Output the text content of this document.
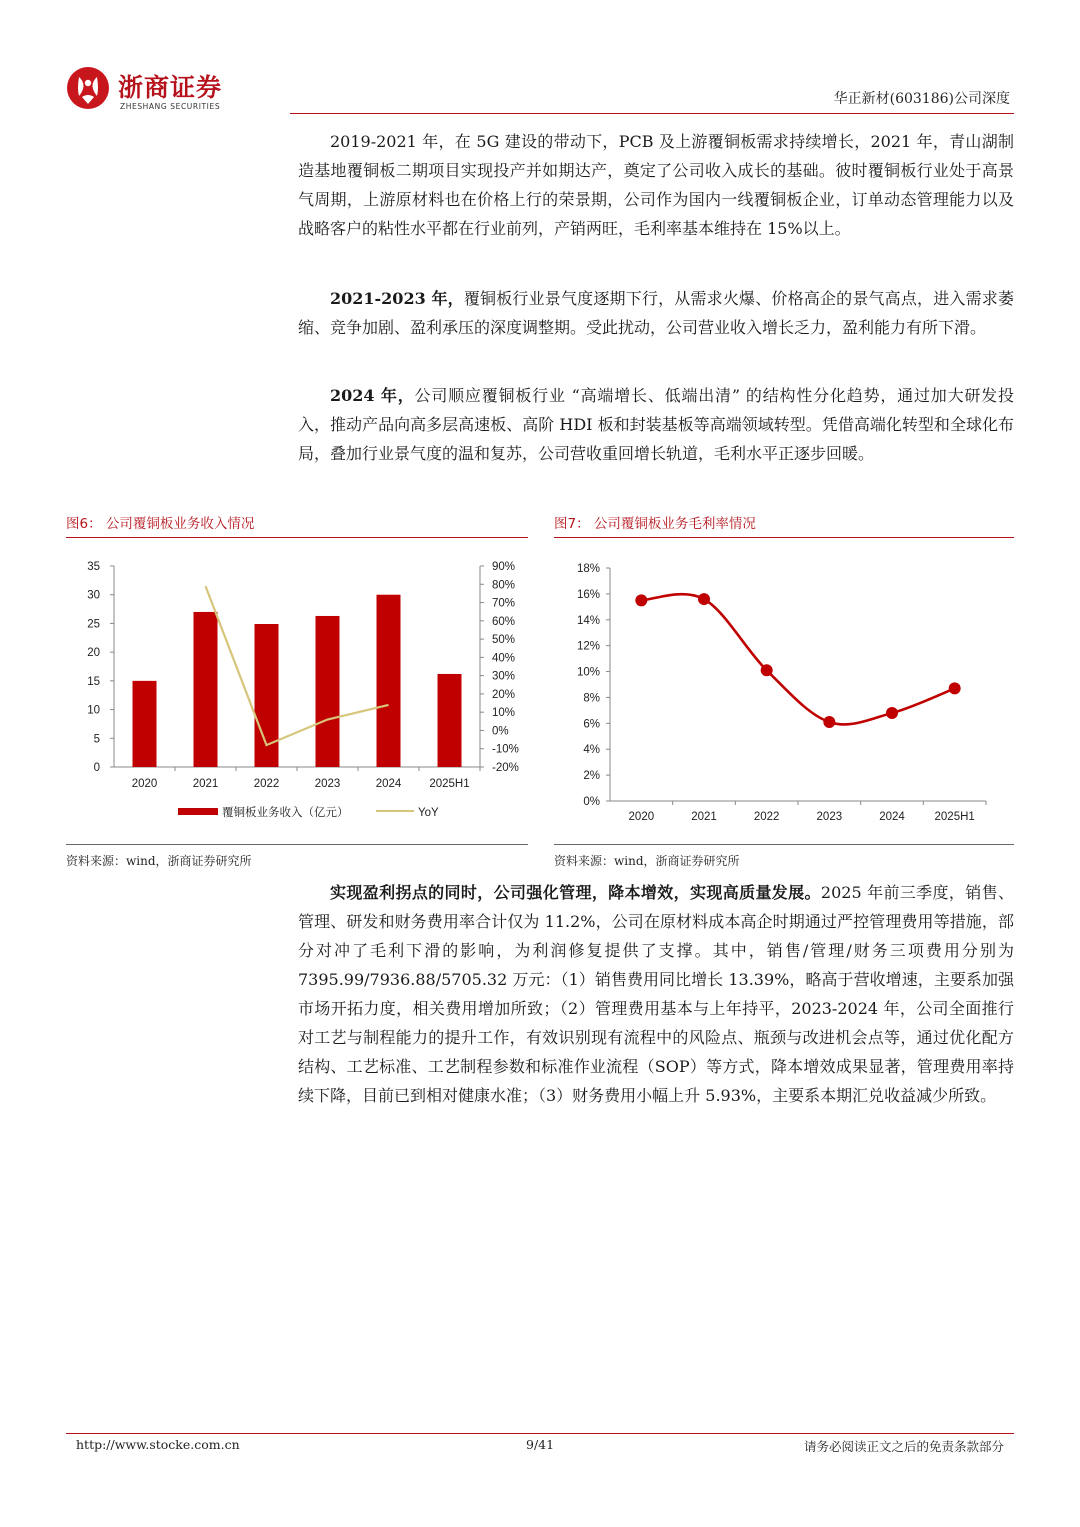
浙商证券
ZHESHANG SECURITIES	华正新材(603186)公司深度

2019-2021 年，在 5G 建设的带动下，PCB 及上游覆铜板需求持续增长，2021 年，青山湖制造基地覆铜板二期项目实现投产并如期达产，奠定了公司收入成长的基础。彼时覆铜板行业处于高景气周期，上游原材料也在价格上行的荣景期，公司作为国内一线覆铜板企业，订单动态管理能力以及战略客户的粘性水平都在行业前列，产销两旺，毛利率基本维持在 15%以上。

2021-2023 年，覆铜板行业景气度逐期下行，从需求火爆、价格高企的景气高点，进入需求萎缩、竞争加剧、盈利承压的深度调整期。受此扰动，公司营业收入增长乏力，盈利能力有所下滑。

2024 年，公司顺应覆铜板行业 “高端增长、低端出清” 的结构性分化趋势，通过加大研发投入，推动产品向高多层高速板、高阶 HDI 板和封装基板等高端领域转型。凭借高端化转型和全球化布局，叠加行业景气度的温和复苏，公司营收重回增长轨道，毛利水平正逐步回暖。

图6： 公司覆铜板业务收入情况
0
5
10
15
20
25
30
35
-20%
-10%
0%
10%
20%
30%
40%
50%
60%
70%
80%
90%
2020	2021	2022	2023	2024 2025H1
覆铜板业务收入（亿元）	YoY
资料来源：wind，浙商证券研究所
图7： 公司覆铜板业务毛利率情况
0%
2%
4%
6%
8%
10%
12%
14%
16%
18%
2020	2021	2022	2023	2024	2025H1
资料来源：wind，浙商证券研究所

实现盈利拐点的同时，公司强化管理，降本增效，实现高质量发展。2025 年前三季度，销售、管理、研发和财务费用率合计仅为 11.2%，公司在原材料成本高企时期通过严控管理费用等措施，部分对冲了毛利下滑的影响，为利润修复提供了支撑。其中，销售/管理/财务三项费用分别为 7395.99/7936.88/5705.32 万元：（1）销售费用同比增长 13.39%，略高于营收增速，主要系加强市场开拓力度，相关费用增加所致；（2）管理费用基本与上年持平，2023-2024 年，公司全面推行对工艺与制程能力的提升工作，有效识别现有流程中的风险点、瓶颈与改进机会点等，通过优化配方结构、工艺标准、工艺制程参数和标准作业流程（SOP）等方式，降本增效成果显著，管理费用率持续下降，目前已到相对健康水准；（3）财务费用小幅上升 5.93%，主要系本期汇兑收益减少所致。

http://www.stocke.com.cn	9/41	请务必阅读正文之后的免责条款部分
